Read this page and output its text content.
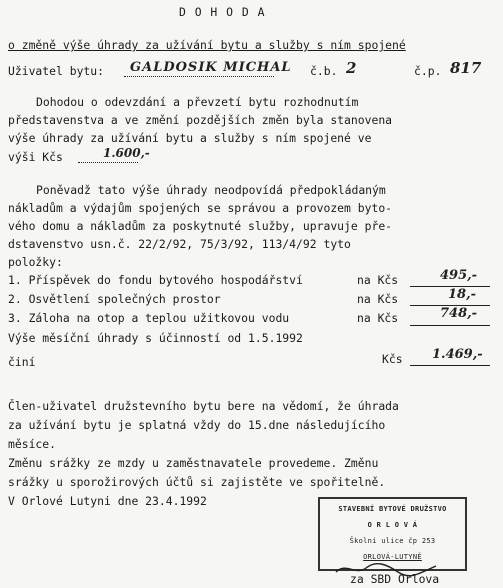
D O H O D A
o změně výše úhrady za užívání bytu a služby s ním spojené
Uživatel bytu: GALDOSIK MICHAL č.b. 2	č.p. 817
Dohodou o odevzdání a převzetí bytu rozhodnutím
představenstva a ve změní pozdějších změn byla stanovena
výše úhrady za užívání bytu a služby s ním spojené ve
výši Kčs	1.600,-
Poněvadž tato výše úhrady neodpovídá předpokládaným
nákladům a výdajům spojených se správou a provozem byto-
vého domu a nákladům za poskytnuté služby, upravuje pře-
dstavenstvo usn.č. 22/2/92, 75/3/92, 113/4/92 tyto
položky:
1. Příspěvek do fondu bytového hospodářství	na Kčs	495,-
2. Osvětlení společných prostor	na Kčs	18,-
3. Záloha na otop a teplou užitkovou vodu	na Kčs	748,-
Výše měsíční úhrady s účinností od 1.5.1992
činí	Kčs 1.469,-
Člen-uživatel družstevního bytu bere na vědomí, že úhrada
za užívání bytu je splatná vždy do 15.dne následujícího
měsíce.
Změnu srážky ze mzdy u zaměstnavatele provedeme. Změnu
srážky u sporožirových účtů si zajistěte ve spořitelně.
V Orlové Lutyni dne 23.4.1992
STAVEBNÍ BYTOVÉ DRUŽSTVO
O R L O V Á
Školní ulice čp 253
ORLOVÁ-LUTYNĚ
za SBD Orlova
